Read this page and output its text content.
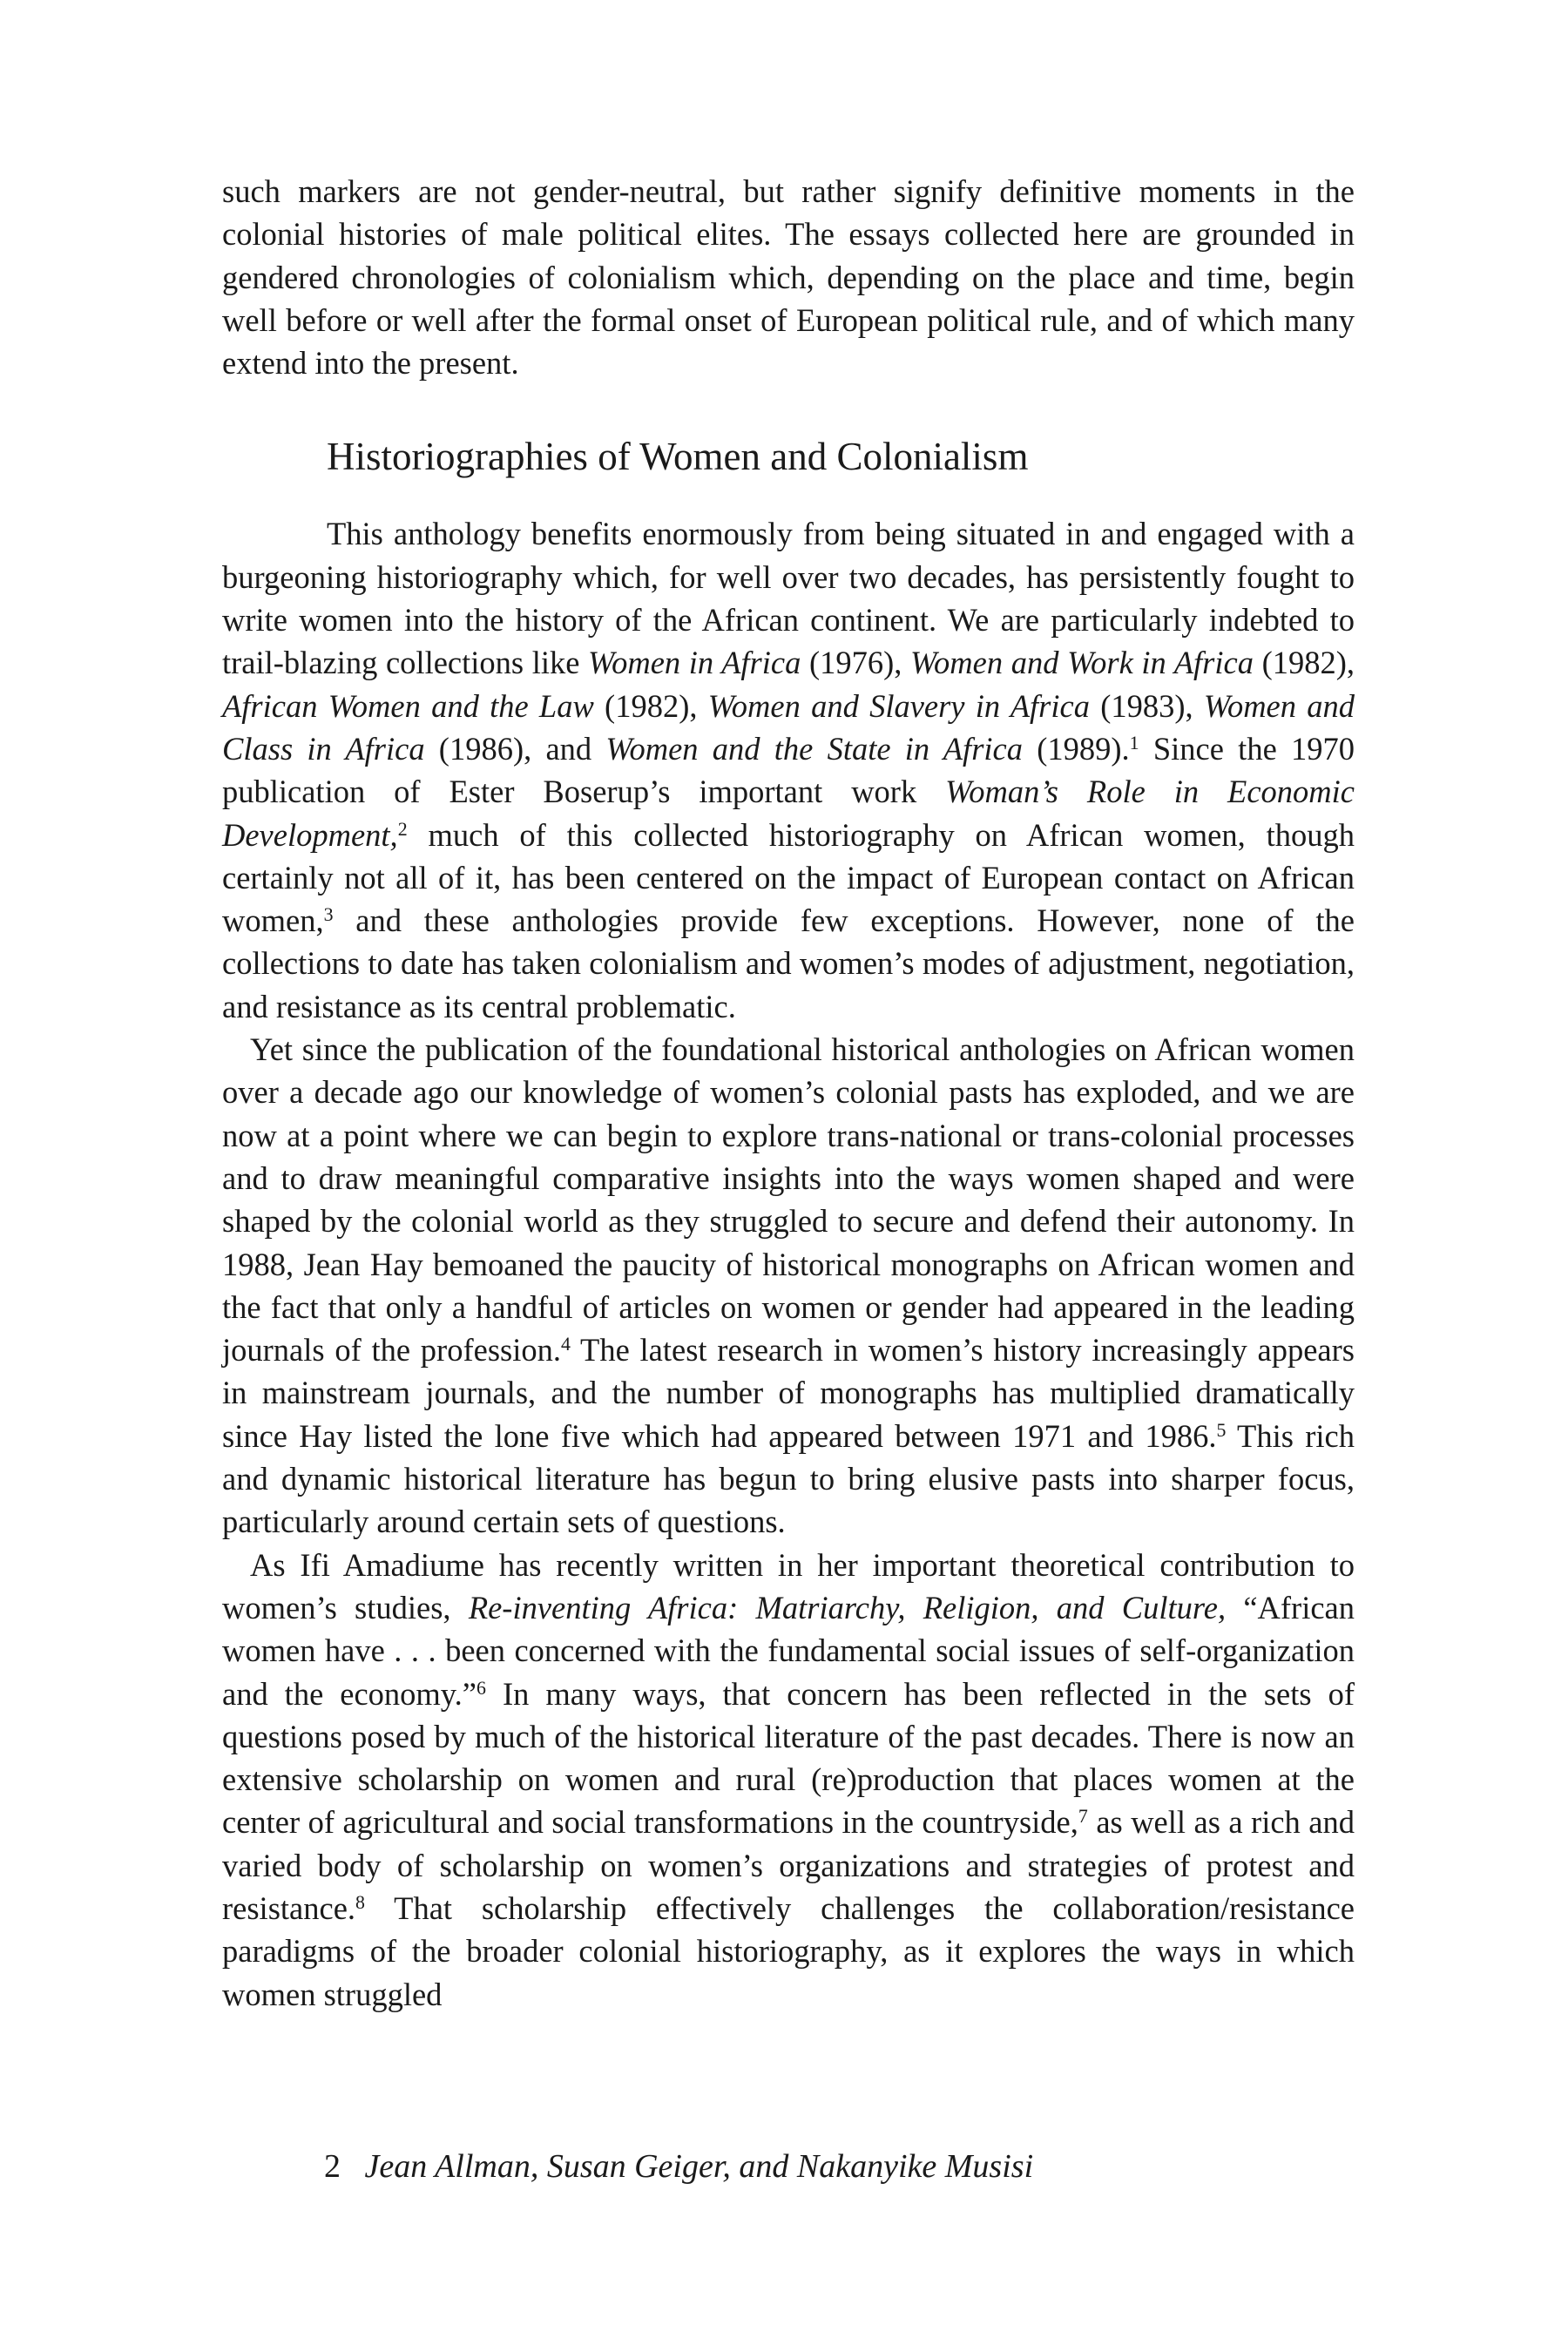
such markers are not gender-neutral, but rather signify definitive moments in the colonial histories of male political elites. The essays collected here are grounded in gendered chronologies of colonialism which, depending on the place and time, begin well before or well after the formal onset of European political rule, and of which many extend into the present.

Historiographies of Women and Colonialism

This anthology benefits enormously from being situated in and engaged with a burgeoning historiography which, for well over two decades, has persistently fought to write women into the history of the African continent. We are particularly indebted to trail-blazing collections like Women in Africa (1976), Women and Work in Africa (1982), African Women and the Law (1982), Women and Slavery in Africa (1983), Women and Class in Africa (1986), and Women and the State in Africa (1989).$^1$ Since the 1970 publication of Ester Boserup’s important work Woman’s Role in Economic Development,$^2$ much of this collected historiography on African women, though certainly not all of it, has been centered on the impact of European contact on African women,$^3$ and these anthologies provide few exceptions. However, none of the collections to date has taken colonialism and women’s modes of adjustment, negotiation, and resistance as its central problematic.

Yet since the publication of the foundational historical anthologies on African women over a decade ago our knowledge of women’s colonial pasts has exploded, and we are now at a point where we can begin to explore trans-national or trans-colonial processes and to draw meaningful comparative insights into the ways women shaped and were shaped by the colonial world as they struggled to secure and defend their autonomy. In 1988, Jean Hay bemoaned the paucity of historical monographs on African women and the fact that only a handful of articles on women or gender had appeared in the leading journals of the profession.$^4$ The latest research in women’s history increasingly appears in mainstream journals, and the number of monographs has multiplied dramatically since Hay listed the lone five which had appeared between 1971 and 1986.$^5$ This rich and dynamic historical literature has begun to bring elusive pasts into sharper focus, particularly around certain sets of questions.

As Ifi Amadiume has recently written in her important theoretical contribution to women’s studies, Re-inventing Africa: Matriarchy, Religion, and Culture, “African women have . . . been concerned with the fundamental social issues of self-organization and the economy.”$^6$ In many ways, that concern has been reflected in the sets of questions posed by much of the historical literature of the past decades. There is now an extensive scholarship on women and rural (re)production that places women at the center of agricultural and social transformations in the countryside,$^7$ as well as a rich and varied body of scholarship on women’s organizations and strategies of protest and resistance.$^8$ That scholarship effectively challenges the collaboration/resistance paradigms of the broader colonial historiography, as it explores the ways in which women struggled

2 Jean Allman, Susan Geiger, and Nakanyike Musisi
